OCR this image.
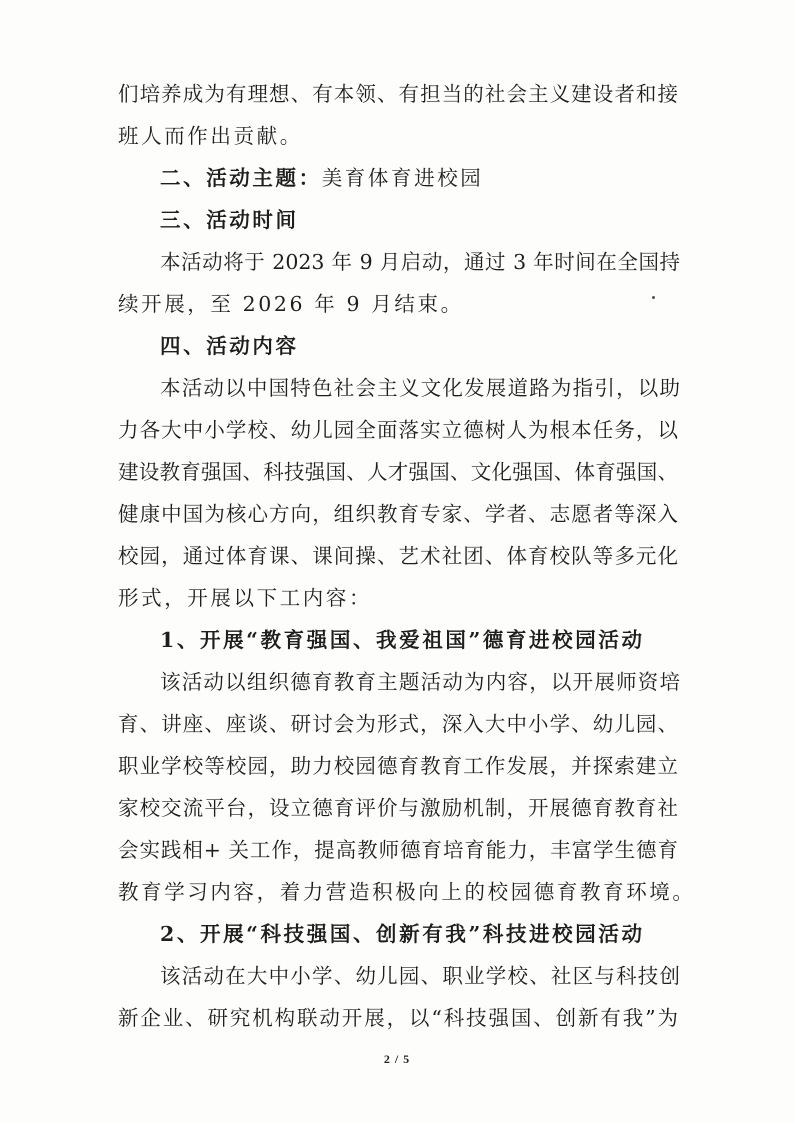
们培养成为有理想、有本领、有担当的社会主义建设者和接
班人而作出贡献。
二、活动主题：美育体育进校园
三、活动时间
本活动将于 2023 年 9 月启动，通过 3 年时间在全国持
续开展，至 2026 年 9 月结束。
四、活动内容
本活动以中国特色社会主义文化发展道路为指引，以助
力各大中小学校、幼儿园全面落实立德树人为根本任务，以
建设教育强国、科技强国、人才强国、文化强国、体育强国、
健康中国为核心方向，组织教育专家、学者、志愿者等深入
校园，通过体育课、课间操、艺术社团、体育校队等多元化
形式，开展以下工内容：
1、开展“教育强国、我爱祖国”德育进校园活动
该活动以组织德育教育主题活动为内容，以开展师资培
育、讲座、座谈、研讨会为形式，深入大中小学、幼儿园、
职业学校等校园，助力校园德育教育工作发展，并探索建立
家校交流平台，设立德育评价与激励机制，开展德育教育社
会实践相+ 关工作，提高教师德育培育能力，丰富学生德育
教育学习内容，着力营造积极向上的校园德育教育环境。
2、开展“科技强国、创新有我”科技进校园活动
该活动在大中小学、幼儿园、职业学校、社区与科技创
新企业、研究机构联动开展，以“科技强国、创新有我”为
2 / 5
